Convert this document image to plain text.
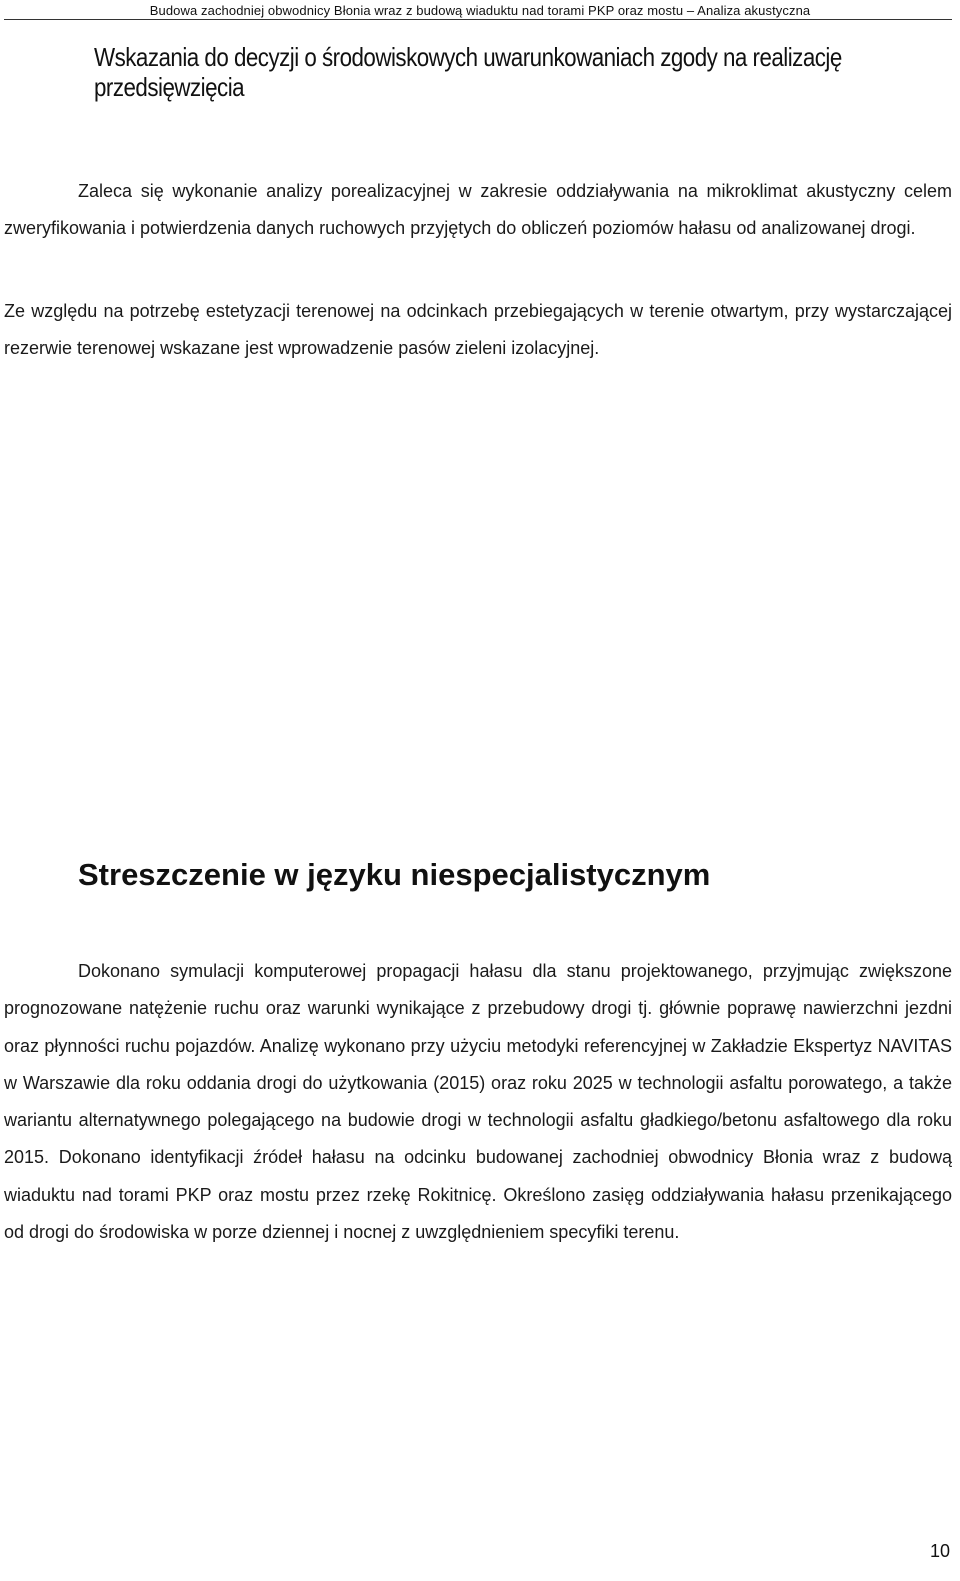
Budowa zachodniej obwodnicy Błonia wraz z budową wiaduktu nad torami PKP oraz mostu – Analiza akustyczna
Wskazania do decyzji o środowiskowych uwarunkowaniach zgody na realizację przedsięwzięcia

Zaleca się wykonanie analizy porealizacyjnej w zakresie oddziaływania na mikroklimat akustyczny celem zweryfikowania i potwierdzenia danych ruchowych przyjętych do obliczeń poziomów hałasu od analizowanej drogi.

Ze względu na potrzebę estetyzacji terenowej na odcinkach przebiegających w terenie otwartym, przy wystarczającej rezerwie terenowej wskazane jest wprowadzenie pasów zieleni izolacyjnej.

Streszczenie w języku niespecjalistycznym

Dokonano symulacji komputerowej propagacji hałasu dla stanu projektowanego, przyjmując zwiększone prognozowane natężenie ruchu oraz warunki wynikające z przebudowy drogi tj. głównie poprawę nawierzchni jezdni oraz płynności ruchu pojazdów. Analizę wykonano przy użyciu metodyki referencyjnej w Zakładzie Ekspertyz NAVITAS w Warszawie dla roku oddania drogi do użytkowania (2015) oraz roku 2025 w technologii asfaltu porowatego, a także wariantu alternatywnego polegającego na budowie drogi w technologii asfaltu gładkiego/betonu asfaltowego dla roku 2015. Dokonano identyfikacji źródeł hałasu na odcinku budowanej zachodniej obwodnicy Błonia wraz z budową wiaduktu nad torami PKP oraz mostu przez rzekę Rokitnicę. Określono zasięg oddziaływania hałasu przenikającego od drogi do środowiska w porze dziennej i nocnej z uwzględnieniem specyfiki terenu.

10
